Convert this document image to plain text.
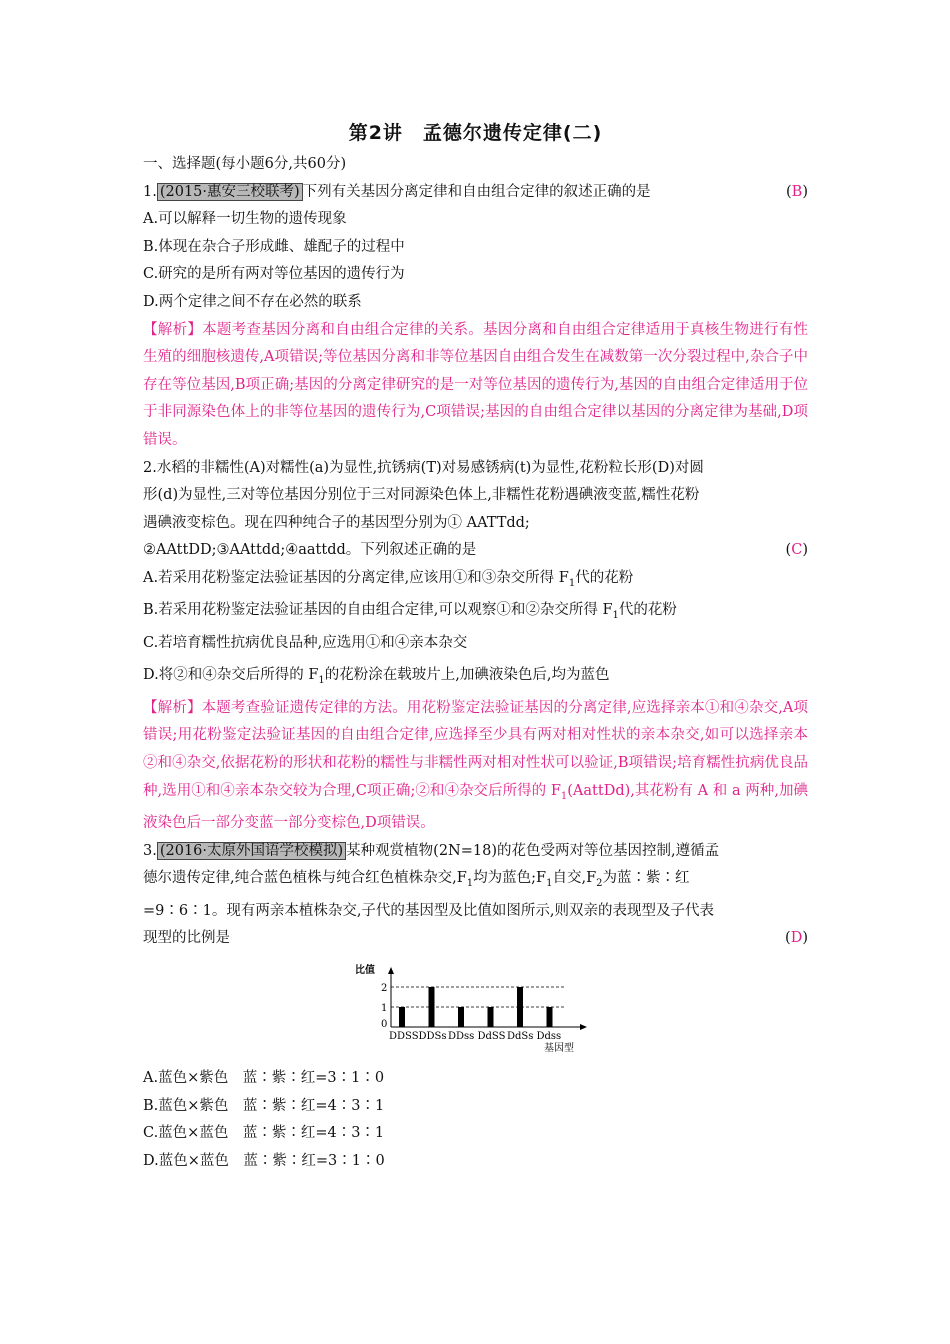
第2讲　孟德尔遗传定律(二)
一、选择题(每小题6分,共60分)
1. (2015·惠安三校联考) 下列有关基因分离定律和自由组合定律的叙述正确的是	(B)
A.可以解释一切生物的遗传现象
B.体现在杂合子形成雌、雄配子的过程中
C.研究的是所有两对等位基因的遗传行为
D.两个定律之间不存在必然的联系
【解析】本题考查基因分离和自由组合定律的关系。基因分离和自由组合定律适用于真核生物进行有性生殖的细胞核遗传,A项错误;等位基因分离和非等位基因自由组合发生在减数第一次分裂过程中,杂合子中存在等位基因,B项正确;基因的分离定律研究的是一对等位基因的遗传行为,基因的自由组合定律适用于位于非同源染色体上的非等位基因的遗传行为,C项错误;基因的自由组合定律以基因的分离定律为基础,D项错误。
2.水稻的非糯性(A)对糯性(a)为显性,抗锈病(T)对易感锈病(t)为显性,花粉粒长形(D)对圆
形(d)为显性,三对等位基因分别位于三对同源染色体上,非糯性花粉遇碘液变蓝,糯性花粉
遇碘液变棕色。现在四种纯合子的基因型分别为① AATTdd;
②AAttDD;③AAttdd;④aattdd。下列叙述正确的是	(C)
A.若采用花粉鉴定法验证基因的分离定律,应该用①和③杂交所得 $F_1$代的花粉
B.若采用花粉鉴定法验证基因的自由组合定律,可以观察①和②杂交所得 $F_1$代的花粉
C.若培育糯性抗病优良品种,应选用①和④亲本杂交
D.将②和④杂交后所得的 $F_1$的花粉涂在载玻片上,加碘液染色后,均为蓝色
【解析】本题考查验证遗传定律的方法。用花粉鉴定法验证基因的分离定律,应选择亲本①和④杂交,A项错误;用花粉鉴定法验证基因的自由组合定律,应选择至少具有两对相对性状的亲本杂交,如可以选择亲本②和④杂交,依据花粉的形状和花粉的糯性与非糯性两对相对性状可以验证,B项错误;培育糯性抗病优良品种,选用①和④亲本杂交较为合理,C项正确;②和④杂交后所得的 $F_1(AattDd)$,其花粉有 A 和 a 两种,加碘液染色后一部分变蓝一部分变棕色,D项错误。
3. (2016·太原外国语学校模拟) 某种观赏植物(2N=18)的花色受两对等位基因控制,遵循孟
德尔遗传定律,纯合蓝色植株与纯合红色植株杂交$,F_1$均为蓝色$;F_1$自交$,F_2$为蓝∶紫∶红
=9∶6∶1。现有两亲本植株杂交,子代的基因型及比值如图所示,则双亲的表现型及子代表
现型的比例是	(D)
比值
0
1
2
DDSS DDSs DDss DdSS DdSs Ddss
基因型
A.蓝色×紫色　蓝∶紫∶红=3∶1∶0
B.蓝色×紫色　蓝∶紫∶红=4∶3∶1
C.蓝色×蓝色　蓝∶紫∶红=4∶3∶1
D.蓝色×蓝色　蓝∶紫∶红=3∶1∶0
